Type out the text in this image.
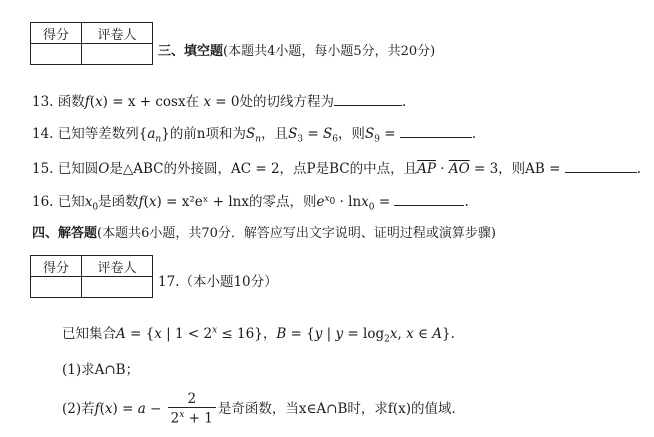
得分	评卷人

三、填空题(本题共4小题，每小题5分，共20分)
13. 函数f(x) = x + cosx在 x = 0处的切线方程为	.
14. 已知等差数列$\{a_n\}$的前n项和为$S_n$，且$S_3 = S_6$，则$S_9$ =	.
15. 已知圆O是△ABC的外接圆，AC = 2，点P是BC的中点，且$\overline{AP} \cdot \overline{AO} = 3$，则AB =	.
16. 已知$x_0$是函数f(x) = x²eˣ + lnx的零点，则$e^{x_0} \cdot \ln x_0$ =	.
四、解答题(本题共6小题，共70分．解答应写出文字说明、证明过程或演算步骤)
得分	评卷人

17.（本小题10分）
已知集合A = {x | $1 < 2^x \le 16$}，B = {y | $y = \log_2x$, x ∈ A}.
(1)求A∩B；
(2)若$f(x) = a - \frac{2}{2^x + 1}$ 是奇函数，当x∈A∩B时，求f(x)的值域．
